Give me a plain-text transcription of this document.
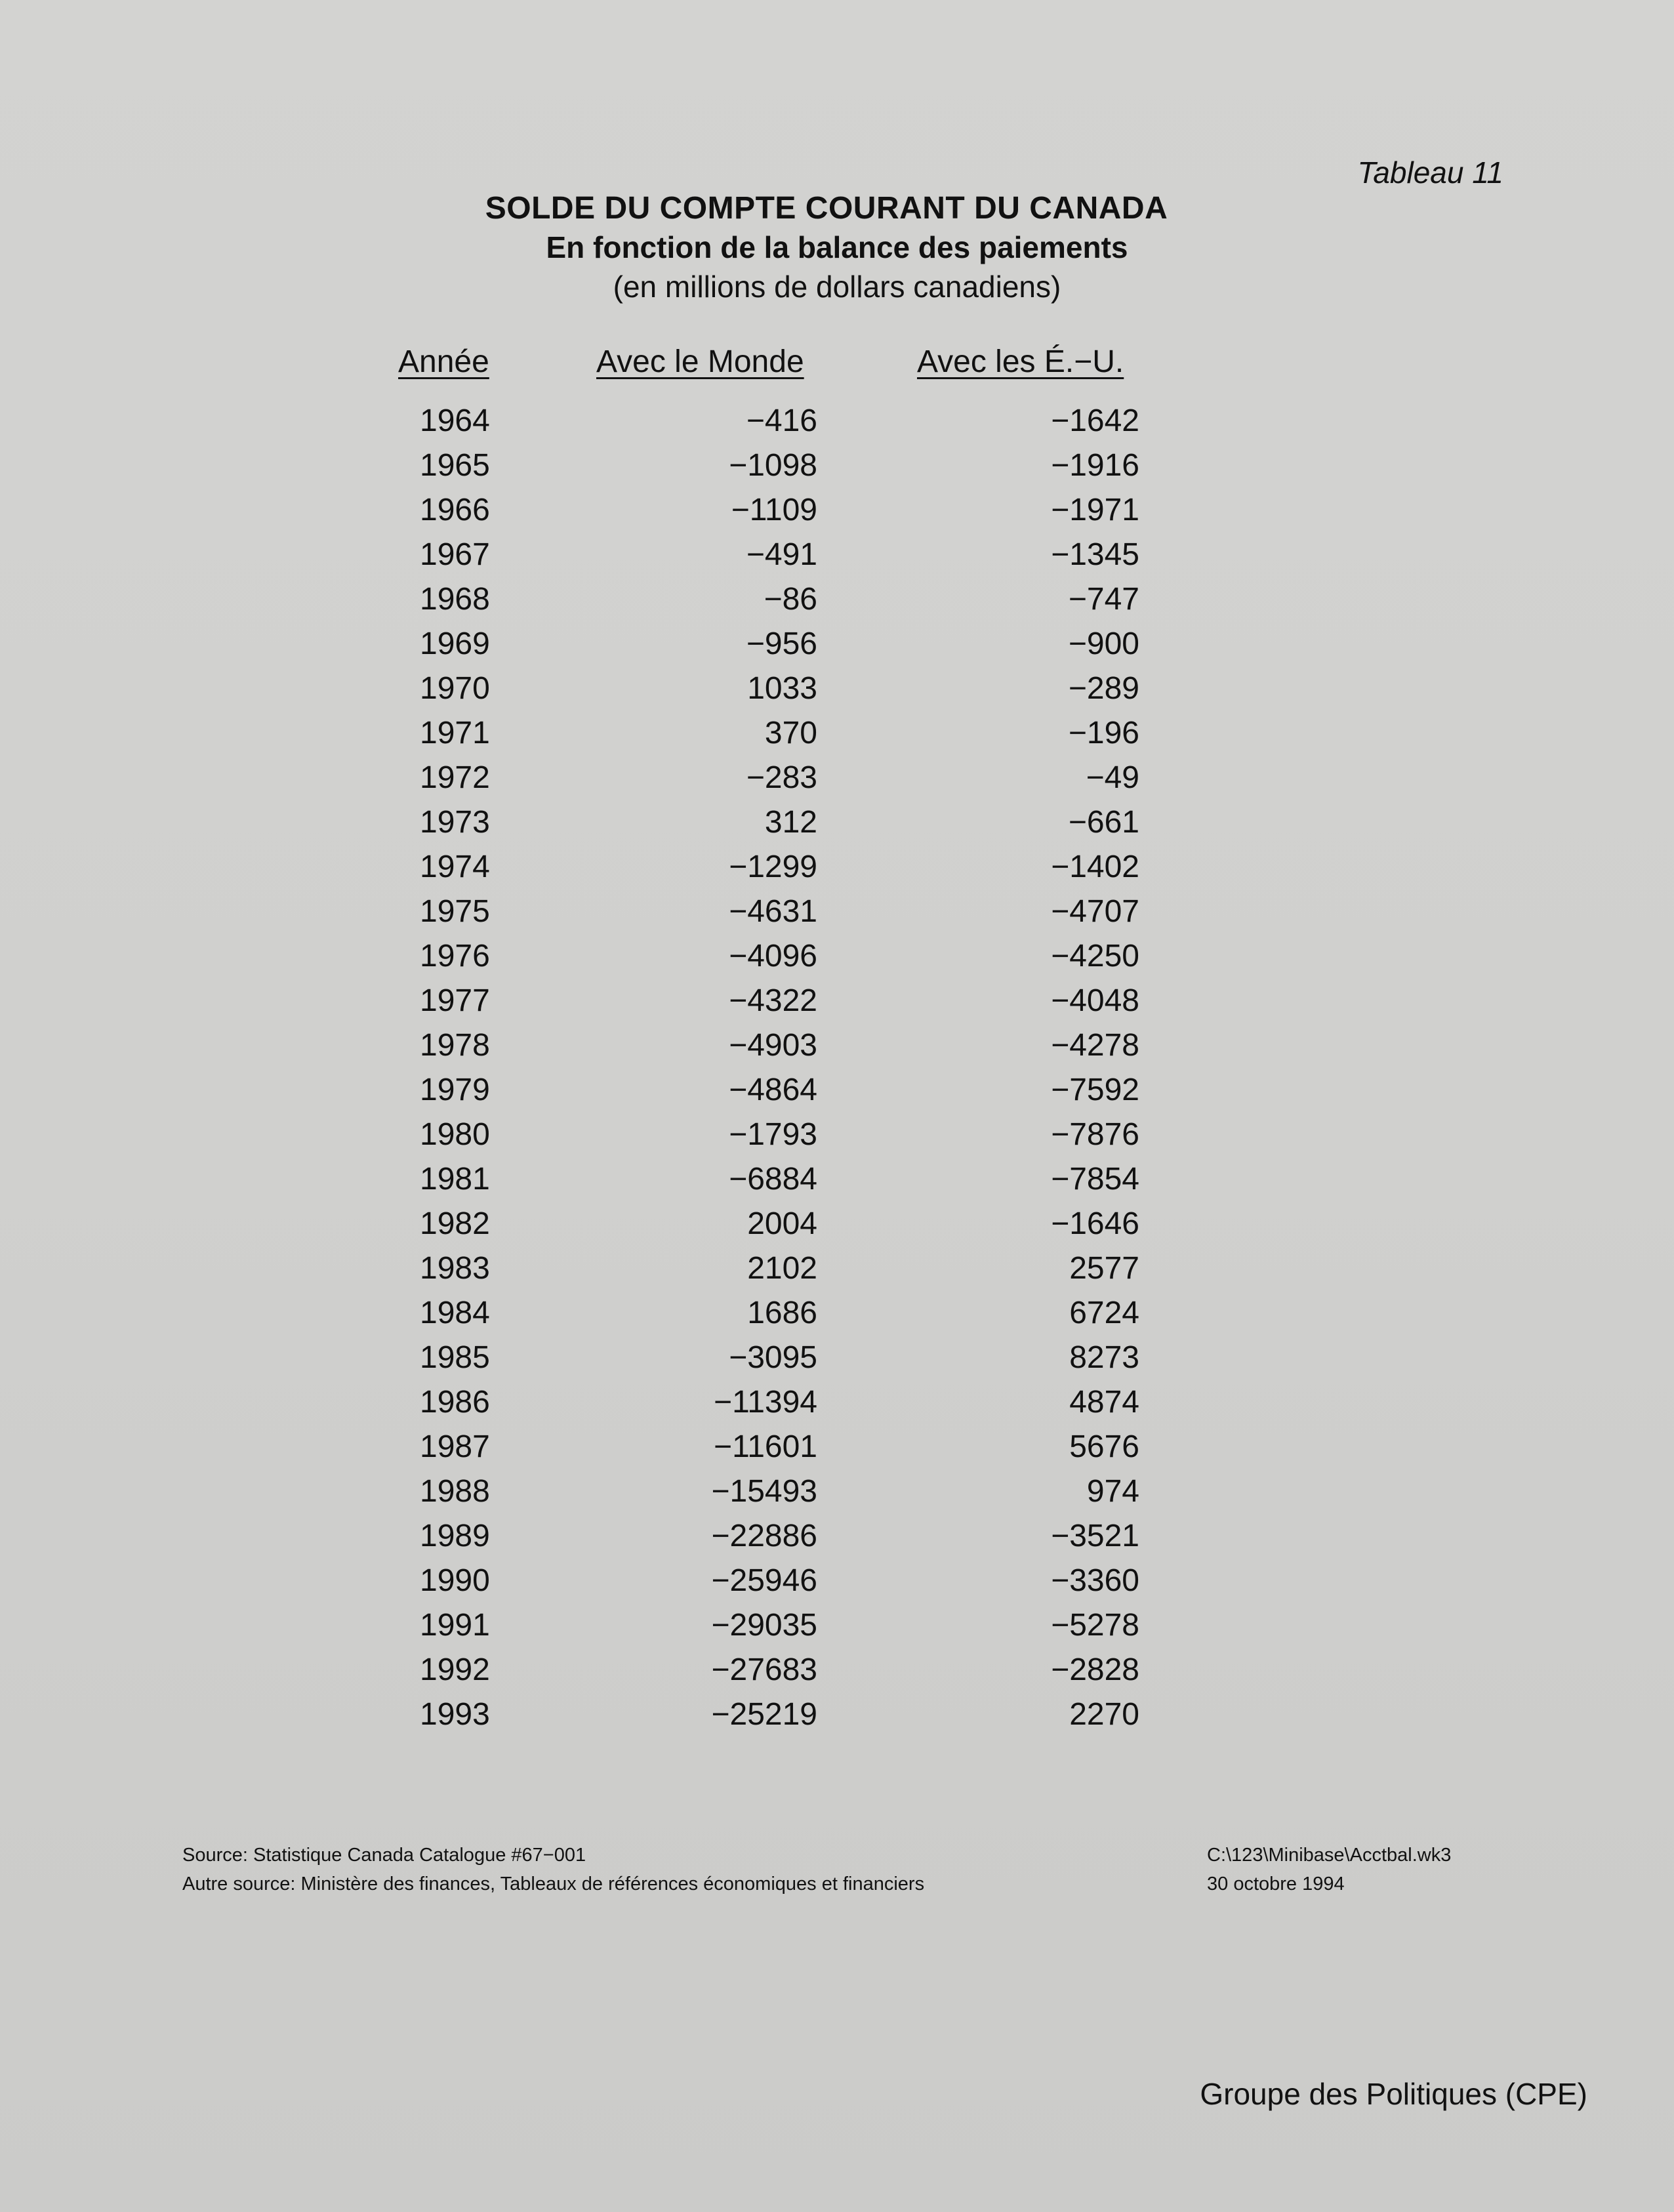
Tableau 11
SOLDE DU COMPTE COURANT DU CANADA
En fonction de la balance des paiements
(en millions de dollars canadiens)
Année	Avec le Monde	Avec les É.−U.
1964	−416	−1642
1965	−1098	−1916
1966	−1109	−1971
1967	−491	−1345
1968	−86	−747
1969	−956	−900
1970	1033	−289
1971	370	−196
1972	−283	−49
1973	312	−661
1974	−1299	−1402
1975	−4631	−4707
1976	−4096	−4250
1977	−4322	−4048
1978	−4903	−4278
1979	−4864	−7592
1980	−1793	−7876
1981	−6884	−7854
1982	2004	−1646
1983	2102	2577
1984	1686	6724
1985	−3095	8273
1986	−11394	4874
1987	−11601	5676
1988	−15493	974
1989	−22886	−3521
1990	−25946	−3360
1991	−29035	−5278
1992	−27683	−2828
1993	−25219	2270
Source: Statistique Canada Catalogue #67−001
Autre source: Ministère des finances, Tableaux de références économiques et financiers
C:\123\Minibase\Acctbal.wk3
30 octobre 1994
Groupe des Politiques (CPE)
